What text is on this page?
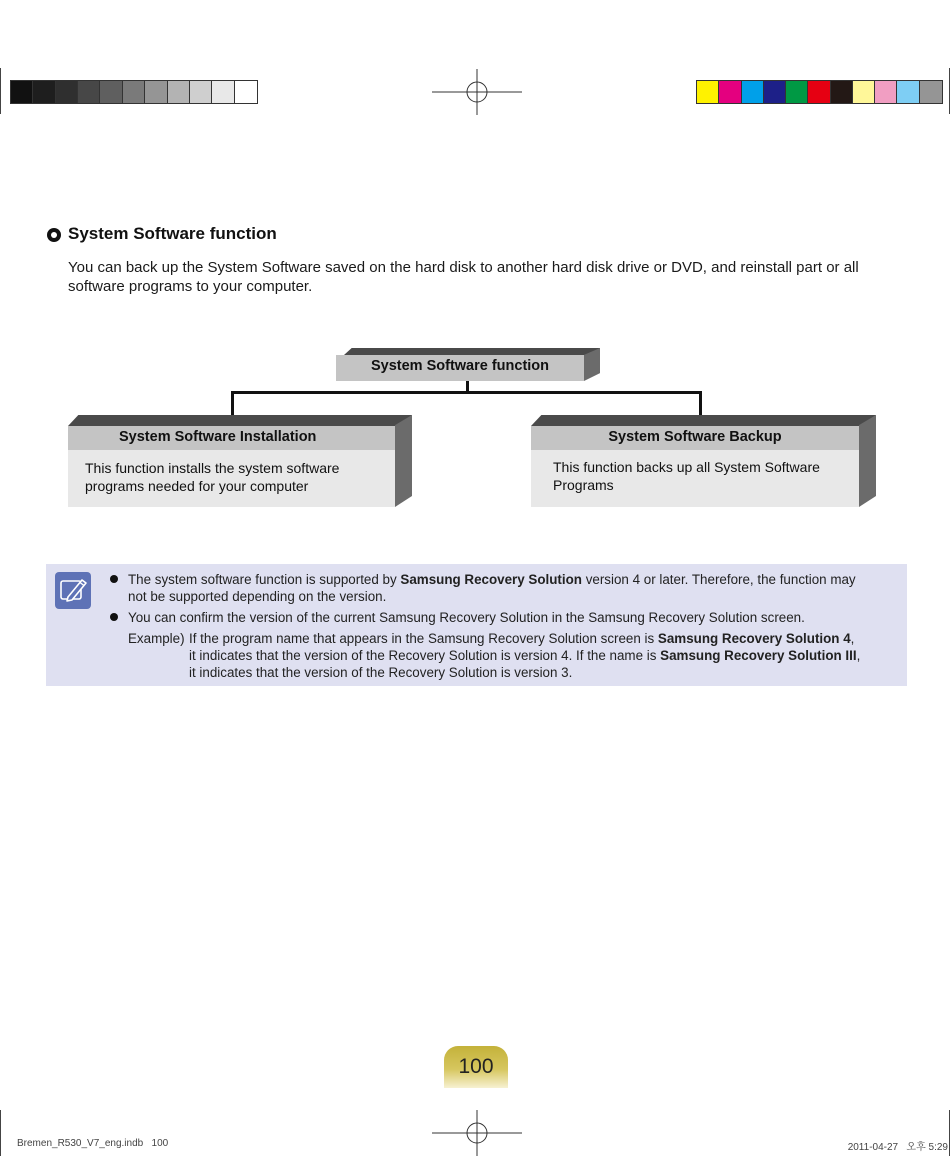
System Software function
You can back up the System Software saved on the hard disk to another hard disk drive or DVD, and reinstall part or all software programs to your computer.
System Software function
System Software Installation
This function installs the system software
programs needed for your computer
System Software Backup
This function backs up all System Software
Programs
The system software function is supported by Samsung Recovery Solution version 4 or later. Therefore, the function may
not be supported depending on the version.
You can confirm the version of the current Samsung Recovery Solution in the Samsung Recovery Solution screen.
Example) If the program name that appears in the Samsung Recovery Solution screen is Samsung Recovery Solution 4,
it indicates that the version of the Recovery Solution is version 4. If the name is Samsung Recovery Solution III,
it indicates that the version of the Recovery Solution is version 3.
100
Bremen_R530_V7_eng.indb   100	2011-04-27   오후 5:29
